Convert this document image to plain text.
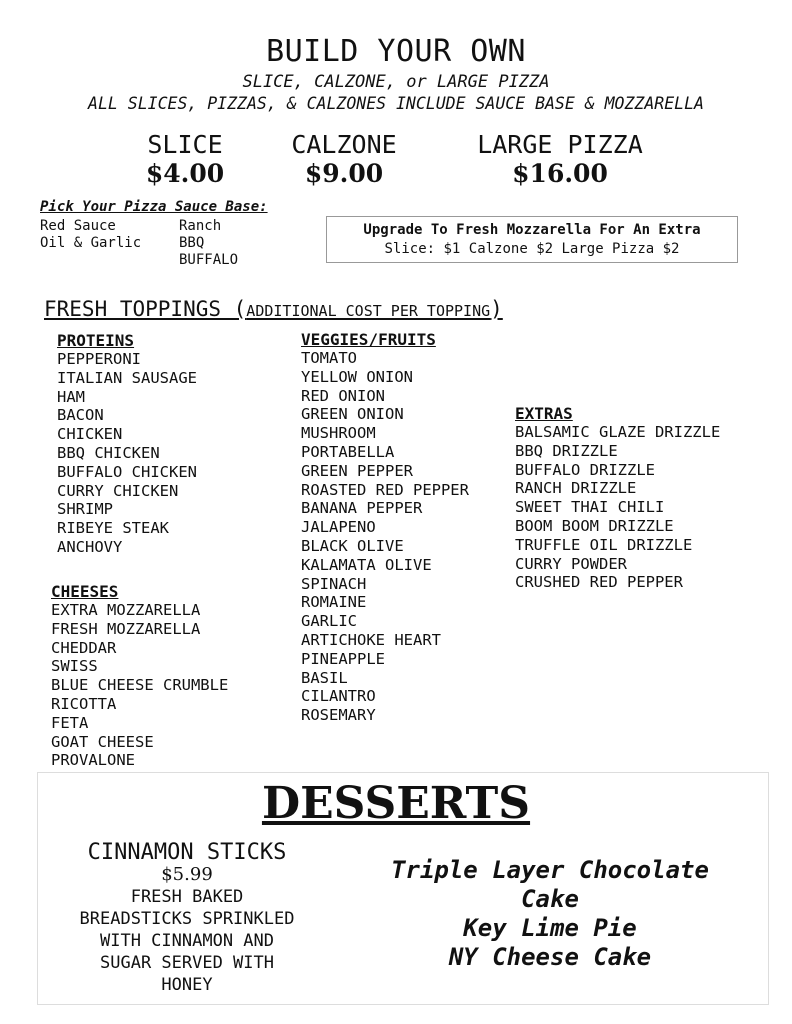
BUILD YOUR OWN
SLICE, CALZONE, or LARGE PIZZA
ALL SLICES, PIZZAS, & CALZONES INCLUDE SAUCE BASE & MOZZARELLA
SLICE
$4.00
CALZONE
$9.00
LARGE PIZZA
$16.00
Pick Your Pizza Sauce Base:
Red Sauce
Oil & Garlic
Ranch
BBQ
BUFFALO
Upgrade To Fresh Mozzarella For An Extra
Slice: $1 Calzone $2 Large Pizza $2
FRESH TOPPINGS (ADDITIONAL COST PER TOPPING)
PROTEINS
PEPPERONI
ITALIAN SAUSAGE
HAM
BACON
CHICKEN
BBQ CHICKEN
BUFFALO CHICKEN
CURRY CHICKEN
SHRIMP
RIBEYE STEAK
ANCHOVY
CHEESES
EXTRA MOZZARELLA
FRESH MOZZARELLA
CHEDDAR
SWISS
BLUE CHEESE CRUMBLE
RICOTTA
FETA
GOAT CHEESE
PROVALONE
VEGGIES/FRUITS
TOMATO
YELLOW ONION
RED ONION
GREEN ONION
MUSHROOM
PORTABELLA
GREEN PEPPER
ROASTED RED PEPPER
BANANA PEPPER
JALAPENO
BLACK OLIVE
KALAMATA OLIVE
SPINACH
ROMAINE
GARLIC
ARTICHOKE HEART
PINEAPPLE
BASIL
CILANTRO
ROSEMARY
EXTRAS
BALSAMIC GLAZE DRIZZLE
BBQ DRIZZLE
BUFFALO DRIZZLE
RANCH DRIZZLE
SWEET THAI CHILI
BOOM BOOM DRIZZLE
TRUFFLE OIL DRIZZLE
CURRY POWDER
CRUSHED RED PEPPER
DESSERTS
CINNAMON STICKS
$5.99
FRESH BAKED
BREADSTICKS SPRINKLED
WITH CINNAMON AND
SUGAR SERVED WITH
HONEY
Triple Layer Chocolate
Cake
Key Lime Pie
NY Cheese Cake
